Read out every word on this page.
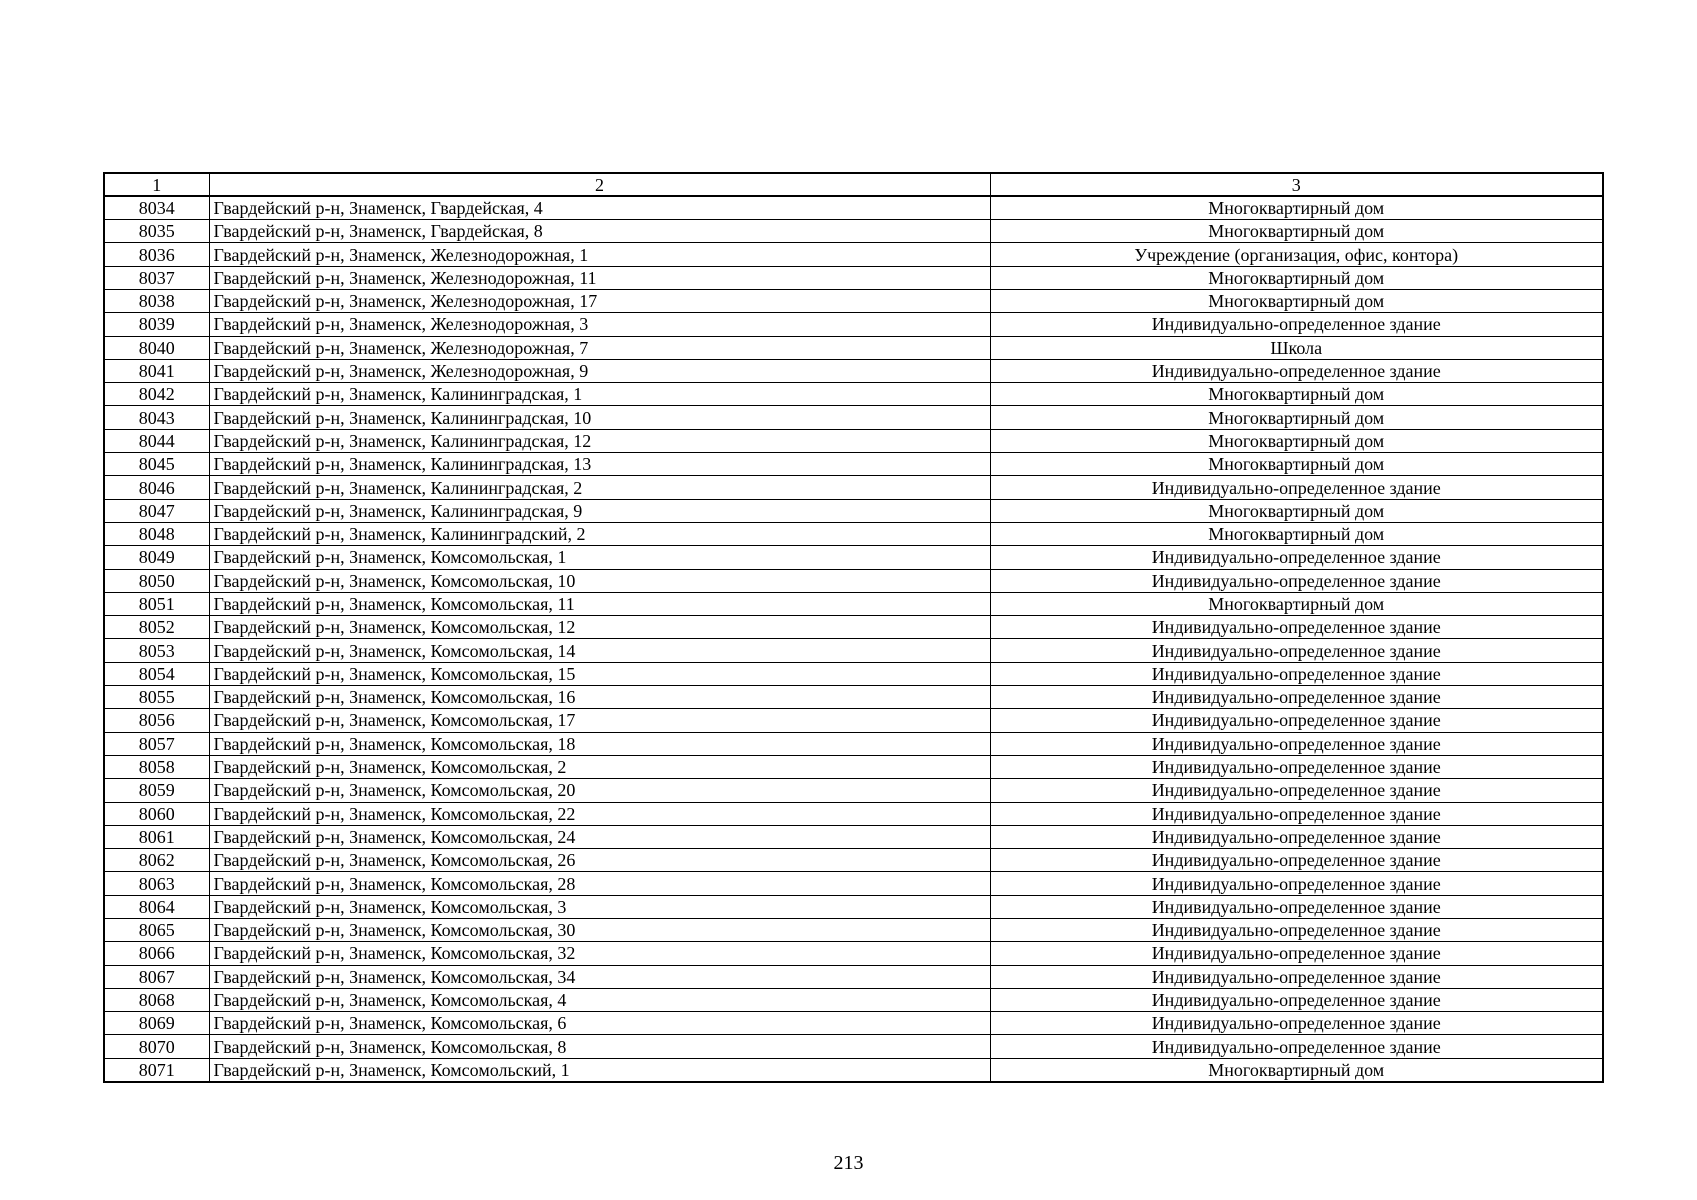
1	2	3
8034	Гвардейский р-н, Знаменск, Гвардейская, 4	Многоквартирный дом
8035	Гвардейский р-н, Знаменск, Гвардейская, 8	Многоквартирный дом
8036	Гвардейский р-н, Знаменск, Железнодорожная, 1	Учреждение (организация, офис, контора)
8037	Гвардейский р-н, Знаменск, Железнодорожная, 11	Многоквартирный дом
8038	Гвардейский р-н, Знаменск, Железнодорожная, 17	Многоквартирный дом
8039	Гвардейский р-н, Знаменск, Железнодорожная, 3	Индивидуально-определенное здание
8040	Гвардейский р-н, Знаменск, Железнодорожная, 7	Школа
8041	Гвардейский р-н, Знаменск, Железнодорожная, 9	Индивидуально-определенное здание
8042	Гвардейский р-н, Знаменск, Калининградская, 1	Многоквартирный дом
8043	Гвардейский р-н, Знаменск, Калининградская, 10	Многоквартирный дом
8044	Гвардейский р-н, Знаменск, Калининградская, 12	Многоквартирный дом
8045	Гвардейский р-н, Знаменск, Калининградская, 13	Многоквартирный дом
8046	Гвардейский р-н, Знаменск, Калининградская, 2	Индивидуально-определенное здание
8047	Гвардейский р-н, Знаменск, Калининградская, 9	Многоквартирный дом
8048	Гвардейский р-н, Знаменск, Калининградский, 2	Многоквартирный дом
8049	Гвардейский р-н, Знаменск, Комсомольская, 1	Индивидуально-определенное здание
8050	Гвардейский р-н, Знаменск, Комсомольская, 10	Индивидуально-определенное здание
8051	Гвардейский р-н, Знаменск, Комсомольская, 11	Многоквартирный дом
8052	Гвардейский р-н, Знаменск, Комсомольская, 12	Индивидуально-определенное здание
8053	Гвардейский р-н, Знаменск, Комсомольская, 14	Индивидуально-определенное здание
8054	Гвардейский р-н, Знаменск, Комсомольская, 15	Индивидуально-определенное здание
8055	Гвардейский р-н, Знаменск, Комсомольская, 16	Индивидуально-определенное здание
8056	Гвардейский р-н, Знаменск, Комсомольская, 17	Индивидуально-определенное здание
8057	Гвардейский р-н, Знаменск, Комсомольская, 18	Индивидуально-определенное здание
8058	Гвардейский р-н, Знаменск, Комсомольская, 2	Индивидуально-определенное здание
8059	Гвардейский р-н, Знаменск, Комсомольская, 20	Индивидуально-определенное здание
8060	Гвардейский р-н, Знаменск, Комсомольская, 22	Индивидуально-определенное здание
8061	Гвардейский р-н, Знаменск, Комсомольская, 24	Индивидуально-определенное здание
8062	Гвардейский р-н, Знаменск, Комсомольская, 26	Индивидуально-определенное здание
8063	Гвардейский р-н, Знаменск, Комсомольская, 28	Индивидуально-определенное здание
8064	Гвардейский р-н, Знаменск, Комсомольская, 3	Индивидуально-определенное здание
8065	Гвардейский р-н, Знаменск, Комсомольская, 30	Индивидуально-определенное здание
8066	Гвардейский р-н, Знаменск, Комсомольская, 32	Индивидуально-определенное здание
8067	Гвардейский р-н, Знаменск, Комсомольская, 34	Индивидуально-определенное здание
8068	Гвардейский р-н, Знаменск, Комсомольская, 4	Индивидуально-определенное здание
8069	Гвардейский р-н, Знаменск, Комсомольская, 6	Индивидуально-определенное здание
8070	Гвардейский р-н, Знаменск, Комсомольская, 8	Индивидуально-определенное здание
8071	Гвардейский р-н, Знаменск, Комсомольский, 1	Многоквартирный дом
213
